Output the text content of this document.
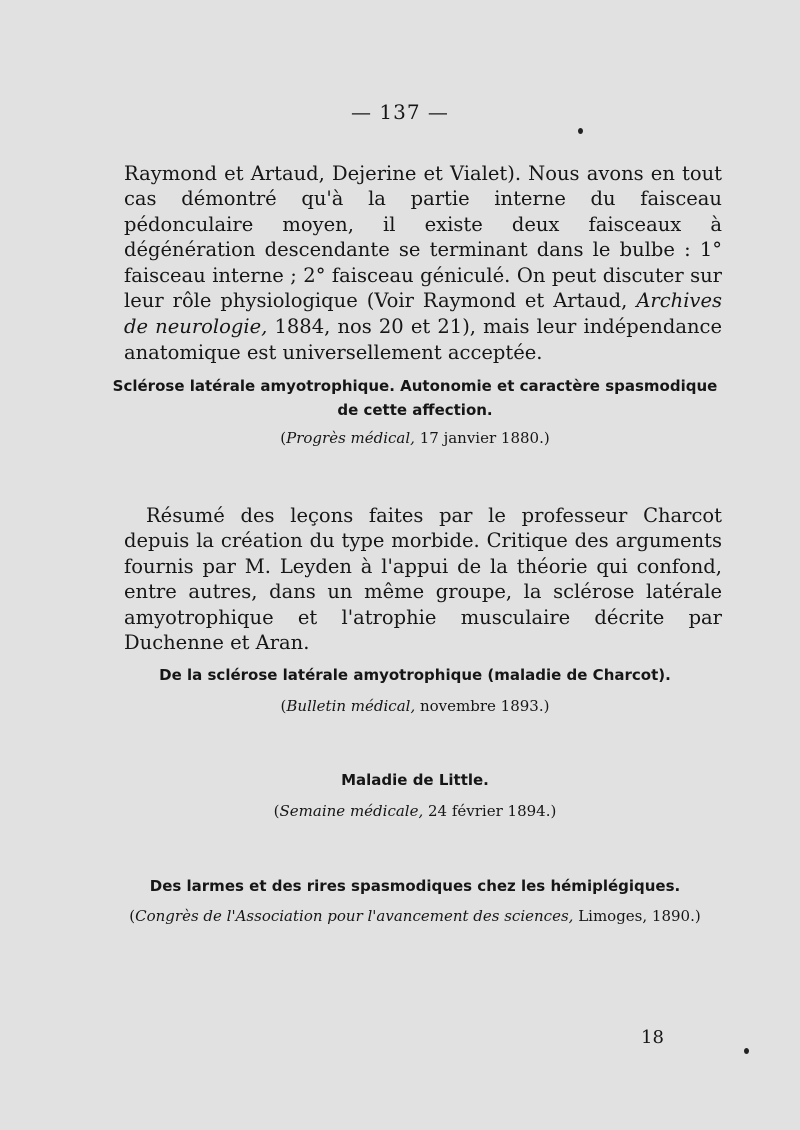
— 137 —

Raymond et Artaud, Dejerine et Vialet). Nous avons en tout cas démontré qu'à la partie interne du faisceau pédonculaire moyen, il existe deux faisceaux à dégénération descendante se terminant dans le bulbe : 1° faisceau interne ; 2° faisceau géniculé. On peut discuter sur leur rôle physiologique (Voir Raymond et Artaud, Archives de neurologie, 1884, nos 20 et 21), mais leur indépendance anatomique est universellement acceptée.

Sclérose latérale amyotrophique. Autonomie et caractère spasmodique de cette affection.
(Progrès médical, 17 janvier 1880.)

Résumé des leçons faites par le professeur Charcot depuis la création du type morbide. Critique des arguments fournis par M. Leyden à l'appui de la théorie qui confond, entre autres, dans un même groupe, la sclérose latérale amyotrophique et l'atrophie musculaire décrite par Duchenne et Aran.

De la sclérose latérale amyotrophique (maladie de Charcot).
(Bulletin médical, novembre 1893.)
Maladie de Little.
(Semaine médicale, 24 février 1894.)
Des larmes et des rires spasmodiques chez les hémiplégiques.
(Congrès de l'Association pour l'avancement des sciences, Limoges, 1890.)
18
